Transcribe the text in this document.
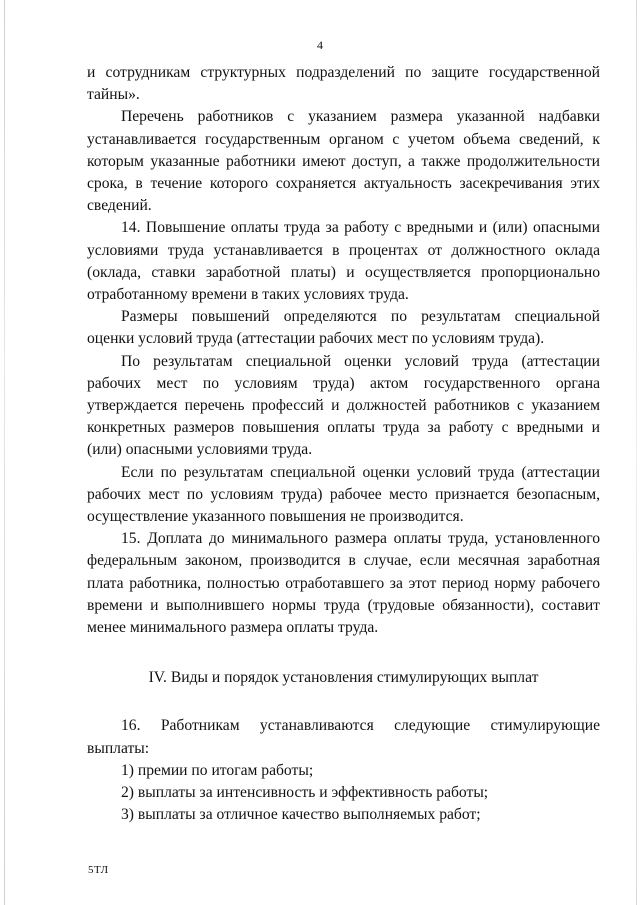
4

и сотрудникам структурных подразделений по защите государственной тайны».

Перечень работников с указанием размера указанной надбавки устанавливается государственным органом с учетом объема сведений, к которым указанные работники имеют доступ, а также продолжительности срока, в течение которого сохраняется актуальность засекречивания этих сведений.

14. Повышение оплаты труда за работу с вредными и (или) опасными условиями труда устанавливается в процентах от должностного оклада (оклада, ставки заработной платы) и осуществляется пропорционально отработанному времени в таких условиях труда.

Размеры повышений определяются по результатам специальной оценки условий труда (аттестации рабочих мест по условиям труда).

По результатам специальной оценки условий труда (аттестации рабочих мест по условиям труда) актом государственного органа утверждается перечень профессий и должностей работников с указанием конкретных размеров повышения оплаты труда за работу с вредными и (или) опасными условиями труда.

Если по результатам специальной оценки условий труда (аттестации рабочих мест по условиям труда) рабочее место признается безопасным, осуществление указанного повышения не производится.

15. Доплата до минимального размера оплаты труда, установленного федеральным законом, производится в случае, если месячная заработная плата работника, полностью отработавшего за этот период норму рабочего времени и выполнившего нормы труда (трудовые обязанности), составит менее минимального размера оплаты труда.

IV. Виды и порядок установления стимулирующих выплат

16. Работникам устанавливаются следующие стимулирующие выплаты:

1) премии по итогам работы;

2) выплаты за интенсивность и эффективность работы;

3) выплаты за отличное качество выполняемых работ;

5ТЛ
